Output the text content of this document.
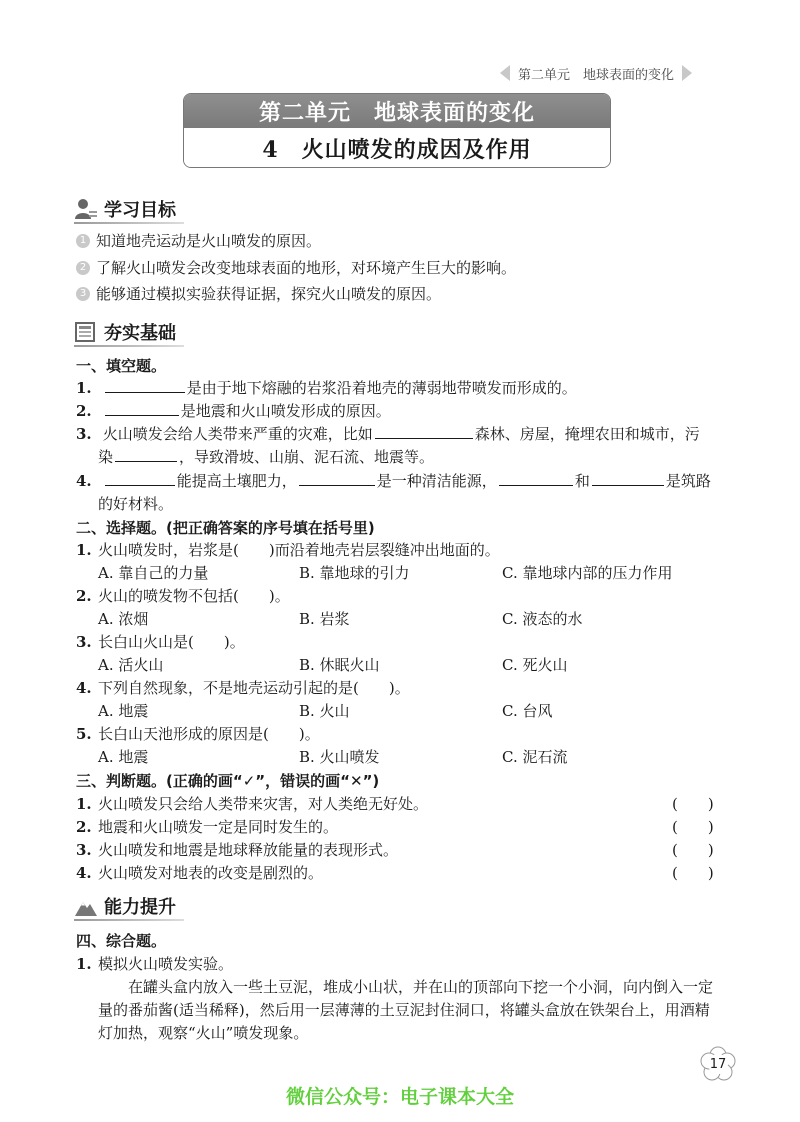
第二单元　地球表面的变化
第二单元　地球表面的变化
4　火山喷发的成因及作用
学习目标
1 知道地壳运动是火山喷发的原因。
2 了解火山喷发会改变地球表面的地形，对环境产生巨大的影响。
3 能够通过模拟实验获得证据，探究火山喷发的原因。
夯实基础
一、填空题。
1.	是由于地下熔融的岩浆沿着地壳的薄弱地带喷发而形成的。
2.	是地震和火山喷发形成的原因。
3. 火山喷发会给人类带来严重的灾难，比如	森林、房屋，掩埋农田和城市，污
染	，导致滑坡、山崩、泥石流、地震等。
4.	能提高土壤肥力，	是一种清洁能源，	和	是筑路
的好材料。
二、选择题。(把正确答案的序号填在括号里)
1. 火山喷发时，岩浆是(　　)而沿着地壳岩层裂缝冲出地面的。
A. 靠自己的力量	B. 靠地球的引力	C. 靠地球内部的压力作用
2. 火山的喷发物不包括(　　)。
A. 浓烟	B. 岩浆	C. 液态的水
3. 长白山火山是(　　)。
A. 活火山	B. 休眠火山	C. 死火山
4. 下列自然现象，不是地壳运动引起的是(　　)。
A. 地震	B. 火山	C. 台风
5. 长白山天池形成的原因是(　　)。
A. 地震	B. 火山喷发	C. 泥石流
三、判断题。(正确的画“✓”，错误的画“✕”)
1. 火山喷发只会给人类带来灾害，对人类绝无好处。	(　　)
2. 地震和火山喷发一定是同时发生的。	(　　)
3. 火山喷发和地震是地球释放能量的表现形式。	(　　)
4. 火山喷发对地表的改变是剧烈的。	(　　)
能力提升
四、综合题。
1. 模拟火山喷发实验。
在罐头盒内放入一些土豆泥，堆成小山状，并在山的顶部向下挖一个小洞，向内倒入一定
量的番茄酱(适当稀释)，然后用一层薄薄的土豆泥封住洞口，将罐头盒放在铁架台上，用酒精
灯加热，观察“火山”喷发现象。
17
微信公众号：电子课本大全
